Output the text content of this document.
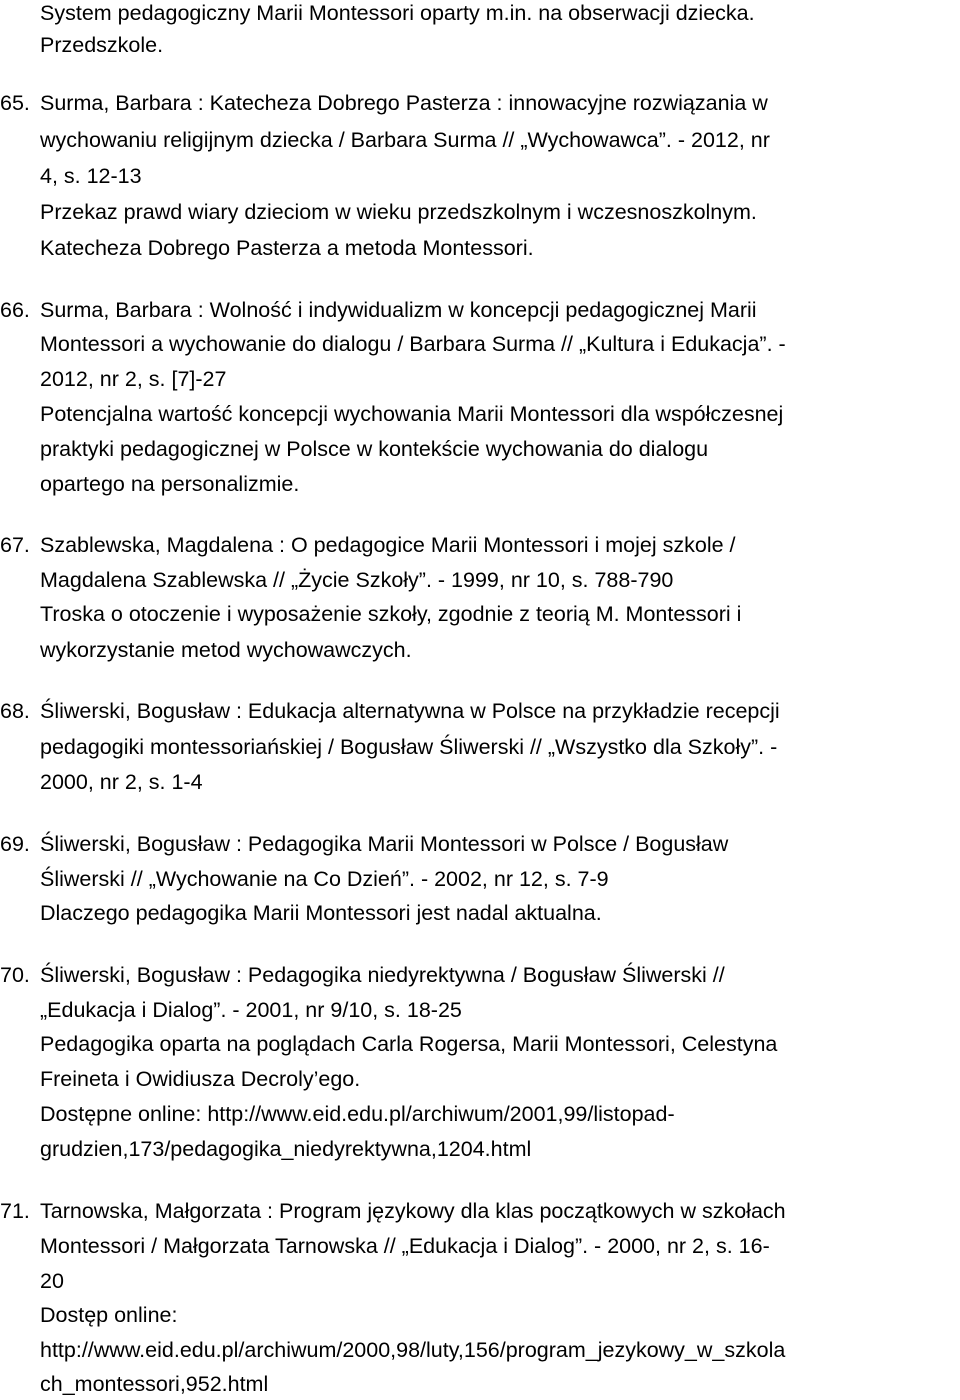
System pedagogiczny Marii Montessori oparty m.in. na obserwacji dziecka.

Przedszkole.

65. Surma, Barbara : Katecheza Dobrego Pasterza : innowacyjne rozwiązania w

wychowaniu religijnym dziecka / Barbara Surma // „Wychowawca”. - 2012, nr

4, s. 12-13

Przekaz prawd wiary dzieciom w wieku przedszkolnym i wczesnoszkolnym.

Katecheza Dobrego Pasterza a metoda Montessori.

66. Surma, Barbara : Wolność i indywidualizm w koncepcji pedagogicznej Marii

Montessori a wychowanie do dialogu / Barbara Surma // „Kultura i Edukacja”. -

2012, nr 2, s. [7]-27

Potencjalna wartość koncepcji wychowania Marii Montessori dla współczesnej

praktyki pedagogicznej w Polsce w kontekście wychowania do dialogu

opartego na personalizmie.

67. Szablewska, Magdalena : O pedagogice Marii Montessori i mojej szkole /

Magdalena Szablewska // „Życie Szkoły”. - 1999, nr 10, s. 788-790

Troska o otoczenie i wyposażenie szkoły, zgodnie z teorią M. Montessori i

wykorzystanie metod wychowawczych.

68. Śliwerski, Bogusław : Edukacja alternatywna w Polsce na przykładzie recepcji

pedagogiki montessoriańskiej / Bogusław Śliwerski // „Wszystko dla Szkoły”. -

2000, nr 2, s. 1-4

69. Śliwerski, Bogusław : Pedagogika Marii Montessori w Polsce / Bogusław

Śliwerski // „Wychowanie na Co Dzień”. - 2002, nr 12, s. 7-9

Dlaczego pedagogika Marii Montessori jest nadal aktualna.

70. Śliwerski, Bogusław : Pedagogika niedyrektywna / Bogusław Śliwerski //

„Edukacja i Dialog”. - 2001, nr 9/10, s. 18-25

Pedagogika oparta na poglądach Carla Rogersa, Marii Montessori, Celestyna

Freineta i Owidiusza Decroly’ego.

Dostępne online: http://www.eid.edu.pl/archiwum/2001,99/listopad-

grudzien,173/pedagogika_niedyrektywna,1204.html

71. Tarnowska, Małgorzata : Program językowy dla klas początkowych w szkołach

Montessori / Małgorzata Tarnowska // „Edukacja i Dialog”. - 2000, nr 2, s. 16-

20

Dostęp online:

http://www.eid.edu.pl/archiwum/2000,98/luty,156/program_jezykowy_w_szkola

ch_montessori,952.html
